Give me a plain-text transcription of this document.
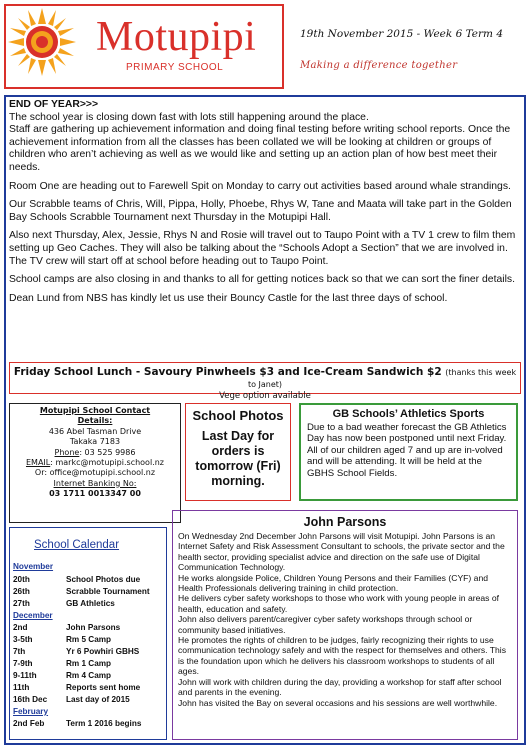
Motupipi
PRIMARY SCHOOL
19th November 2015 - Week 6 Term 4
Making a difference together

END OF YEAR>>>

The school year is closing down fast with lots still happening around the place.

Staff are gathering up achievement information and doing final testing before writing school reports. Once the achievement information from all the classes has been collated we will be looking at children or groups of children who aren’t achieving as well as we would like and setting up an action plan of how best meet their needs.

Room One are heading out to Farewell Spit on Monday to carry out activities based around whale strandings.

Our Scrabble teams of Chris, Will, Pippa, Holly, Phoebe, Rhys W, Tane and Maata will take part in the Golden Bay Schools Scrabble Tournament next Thursday in the Motupipi Hall.

Also next Thursday, Alex, Jessie, Rhys N and Rosie will travel out to Taupo Point with a TV 1 crew to film them setting up Geo Caches. They will also be talking about the “Schools Adopt a Section” that we are involved in.

The TV crew will start off at school before heading out to Taupo Point.

School camps are also closing in and thanks to all for getting notices back so that we can sort the finer details.

Dean Lund from NBS has kindly let us use their Bouncy Castle for the last three days of school.

Friday School Lunch - Savoury Pinwheels $3 and Ice-Cream Sandwich $2 (thanks this week to Janet)
Vege option available
Motupipi School Contact
Details:
436 Abel Tasman Drive
Takaka 7183
Phone: 03 525 9986
EMAIL: markc@motupipi.school.nz
Or: office@motupipi.school.nz
Internet Banking No:
03 1711 0013347 00
School Photos
Last Day for orders is tomorrow (Fri) morning.
GB Schools’ Athletics Sports
Due to a bad weather forecast the GB Athletics Day has now been postponed until next Friday.
All of our children aged 7 and up are in-volved and will be attending. It will be held at the GBHS School Fields.
School Calendar
November
20th	School Photos due
26th	Scrabble Tournament
27th	GB Athletics
December
2nd	John Parsons
3-5th	Rm 5 Camp
7th	Yr 6 Powhiri GBHS
7-9th	Rm 1 Camp
9-11th	Rm 4 Camp
11th	Reports sent home
16th Dec Last day of 2015
February
2nd Feb	Term 1 2016 begins
John Parsons

On Wednesday 2nd December John Parsons will visit Motupipi. John Parsons is an Internet Safety and Risk Assessment Consultant to schools, the private sector and the health sector, providing specialist advice and direction on the safe use of Digital Communication Technology.

He works alongside Police, Children Young Persons and their Families (CYF) and Health Professionals delivering training in child protection.

He delivers cyber safety workshops to those who work with young people in areas of health, education and safety.

John also delivers parent/caregiver cyber safety workshops through school or community based initiatives.

He promotes the rights of children to be judges, fairly recognizing their rights to use communication technology safely and with the respect for themselves and others. This is the foundation upon which he delivers his classroom workshops to students of all ages.

John will work with children during the day, providing a workshop for staff after school and parents in the evening.

John has visited the Bay on several occasions and his sessions are well worthwhile.
